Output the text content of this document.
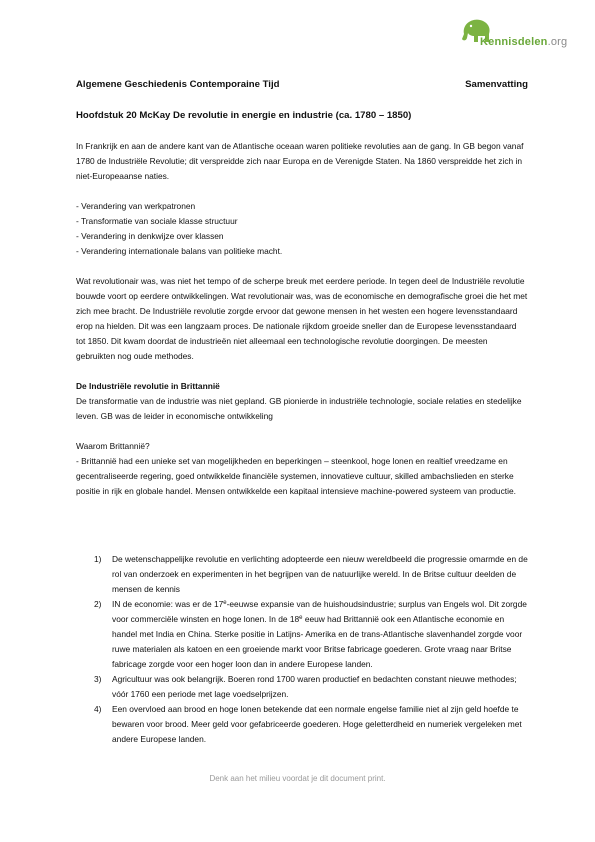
Kennisdelen.org
Algemene Geschiedenis Contemporaine Tijd	Samenvatting
Hoofdstuk 20 McKay De revolutie in energie en industrie (ca. 1780 – 1850)

In Frankrijk en aan de andere kant van de Atlantische oceaan waren politieke revoluties aan de gang. In GB begon vanaf 1780 de Industriële Revolutie; dit verspreidde zich naar Europa en de Verenigde Staten. Na 1860 verspreidde het zich in niet-Europeaanse naties.

- Verandering van werkpatronen

- Transformatie van sociale klasse structuur

- Verandering in denkwijze over klassen

- Verandering internationale balans van politieke macht.

Wat revolutionair was, was niet het tempo of de scherpe breuk met eerdere periode. In tegen deel de Industriële revolutie bouwde voort op eerdere ontwikkelingen. Wat revolutionair was, was de economische en demografische groei die het met zich mee bracht. De Industriële revolutie zorgde ervoor dat gewone mensen in het westen een hogere levensstandaard erop na hielden. Dit was een langzaam proces. De nationale rijkdom groeide sneller dan de Europese levensstandaard tot 1850. Dit kwam doordat de industrieën niet alleemaal een technologische revolutie doorgingen. De meesten gebruikten nog oude methodes.

De Industriële revolutie in Brittannië

De transformatie van de industrie was niet gepland. GB pionierde in industriële technologie, sociale relaties en stedelijke leven. GB was de leider in economische ontwikkeling

Waarom Brittannië?

- Brittannië had een unieke set van mogelijkheden en beperkingen – steenkool, hoge lonen en realtief vreedzame en gecentraliseerde regering, goed ontwikkelde financiële systemen, innovatieve cultuur, skilled ambachslieden en sterke positie in rijk en globale handel. Mensen ontwikkelde een kapitaal intensieve machine-powered systeem van productie.

1) De wetenschappelijke revolutie en verlichting adopteerde een nieuw wereldbeeld die progressie omarmde en de rol van onderzoek en experimenten in het begrijpen van de natuurlijke wereld. In de Britse cultuur deelden de mensen de kennis
2) IN de economie: was er de 17e-eeuwse expansie van de huishoudsindustrie; surplus van Engels wol. Dit zorgde voor commerciële winsten en hoge lonen. In de 18e eeuw had Brittannië ook een Atlantische economie en handel met India en China. Sterke positie in Latijns- Amerika en de trans-Atlantische slavenhandel zorgde voor ruwe materialen als katoen en een groeiende markt voor Britse fabricage goederen. Grote vraag naar Britse fabricage zorgde voor een hoger loon dan in andere Europese landen.
3) Agricultuur was ook belangrijk. Boeren rond 1700 waren productief en bedachten constant nieuwe methodes; vóór 1760 een periode met lage voedselprijzen.
4) Een overvloed aan brood en hoge lonen betekende dat een normale engelse familie niet al zijn geld hoefde te bewaren voor brood. Meer geld voor gefabriceerde goederen. Hoge geletterdheid en numeriek vergeleken met andere Europese landen.
Denk aan het milieu voordat je dit document print.
